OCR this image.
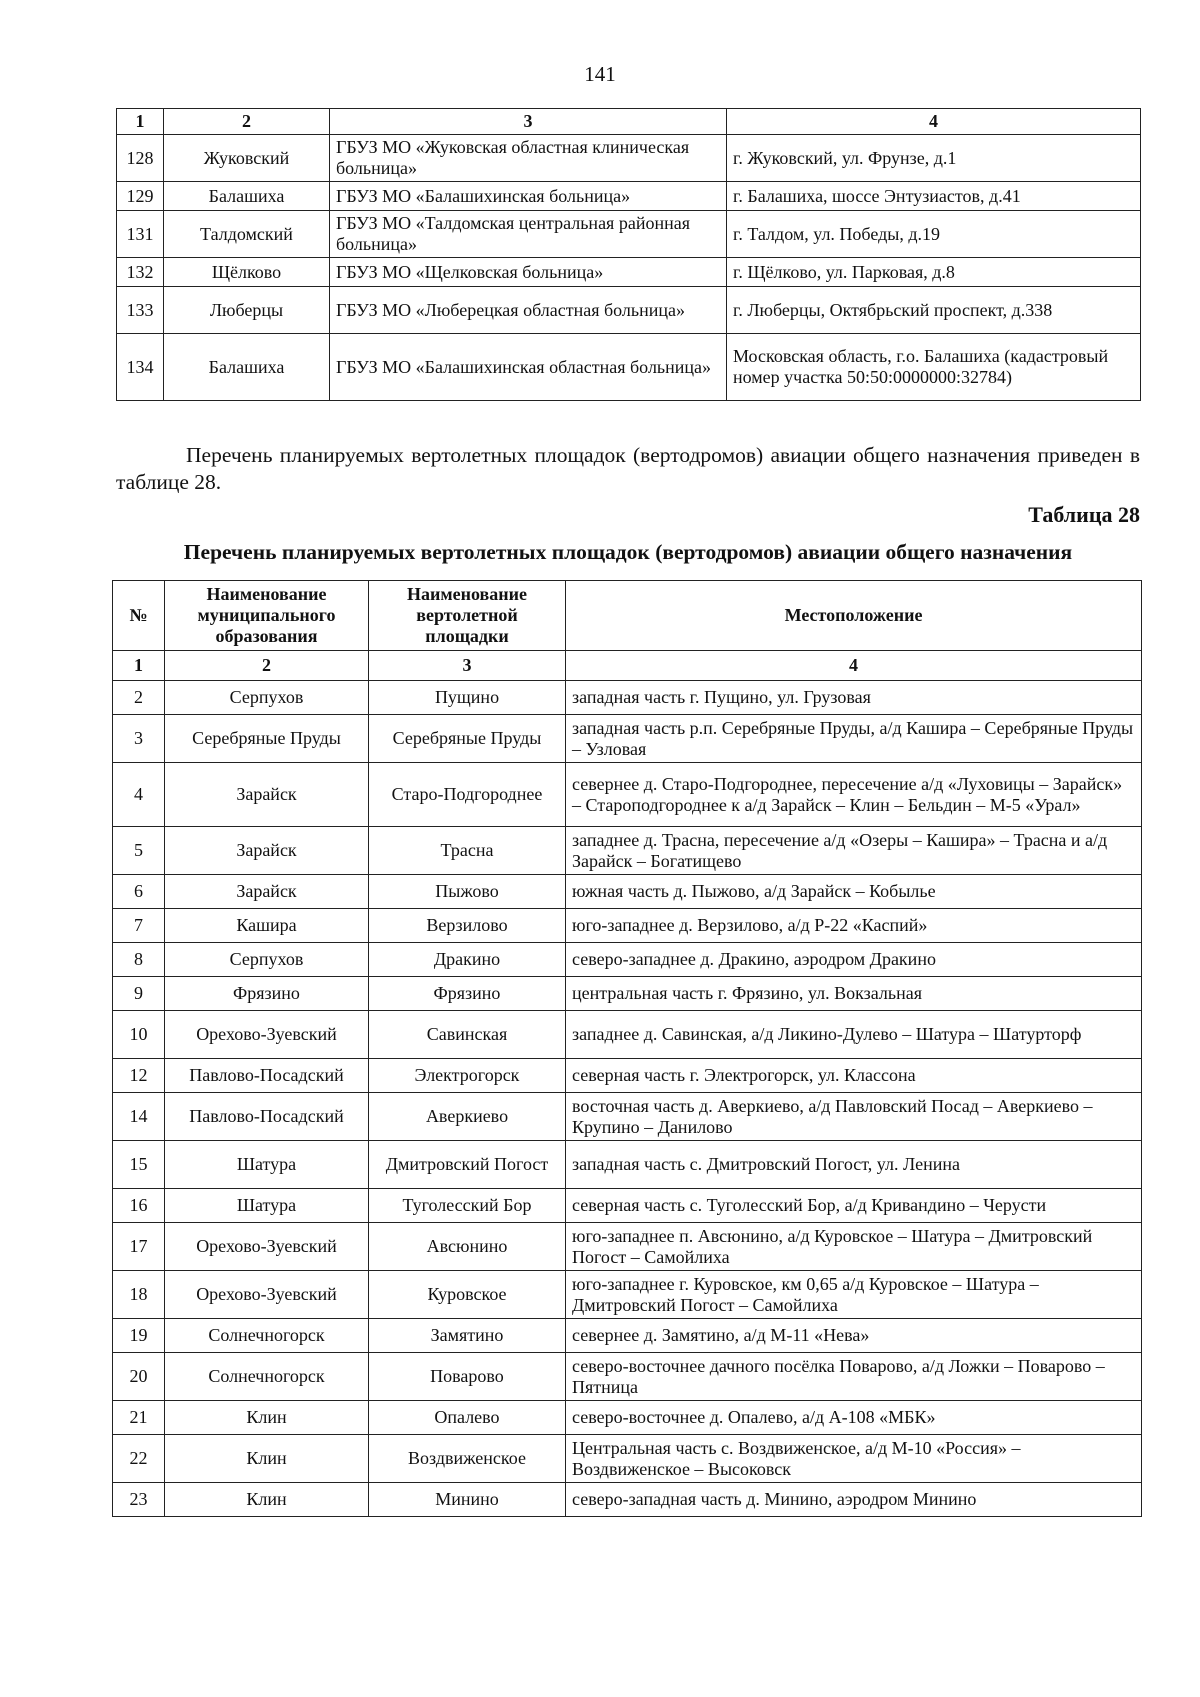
141
1	2	3	4
128	Жуковский	ГБУЗ МО «Жуковская областная клиническая больница»	г. Жуковский, ул. Фрунзе, д.1
129	Балашиха	ГБУЗ МО «Балашихинская больница»	г. Балашиха, шоссе Энтузиастов, д.41
131	Талдомский	ГБУЗ МО «Талдомская центральная районная больница»	г. Талдом, ул. Победы, д.19
132	Щёлково	ГБУЗ МО «Щелковская больница»	г. Щёлково, ул. Парковая, д.8
133	Люберцы	ГБУЗ МО «Люберецкая областная больница»	г. Люберцы, Октябрьский проспект, д.338
134	Балашиха	ГБУЗ МО «Балашихинская областная больница»	Московская область, г.о. Балашиха (кадастровый номер участка 50:50:0000000:32784)
Перечень планируемых вертолетных площадок (вертодромов) авиации общего назначения приведен в таблице 28.
Таблица 28
Перечень планируемых вертолетных площадок (вертодромов) авиации общего назначения
№	Наименование муниципального образования	Наименование вертолетной площадки	Местоположение
1	2	3	4
2	Серпухов	Пущино	западная часть г. Пущино, ул. Грузовая
3	Серебряные Пруды	Серебряные Пруды	западная часть р.п. Серебряные Пруды, а/д Кашира – Серебряные Пруды – Узловая
4	Зарайск	Старо-Подгороднее	севернее д. Старо-Подгороднее, пересечение а/д «Луховицы – Зарайск» – Староподгороднее к а/д Зарайск – Клин – Бельдин – М-5 «Урал»
5	Зарайск	Трасна	западнее д. Трасна, пересечение а/д «Озеры – Кашира» – Трасна и а/д Зарайск – Богатищево
6	Зарайск	Пыжово	южная часть д. Пыжово, а/д Зарайск – Кобылье
7	Кашира	Верзилово	юго-западнее д. Верзилово, а/д Р-22 «Каспий»
8	Серпухов	Дракино	северо-западнее д. Дракино, аэродром Дракино
9	Фрязино	Фрязино	центральная часть г. Фрязино, ул. Вокзальная
10	Орехово-Зуевский	Савинская	западнее д. Савинская, а/д Ликино-Дулево – Шатура – Шатурторф
12	Павлово-Посадский	Электрогорск	северная часть г. Электрогорск, ул. Классона
14	Павлово-Посадский	Аверкиево	восточная часть д. Аверкиево, а/д Павловский Посад – Аверкиево – Крупино – Данилово
15	Шатура	Дмитровский Погост	западная часть с. Дмитровский Погост, ул. Ленина
16	Шатура	Туголесский Бор	северная часть с. Туголесский Бор, а/д Кривандино – Черусти
17	Орехово-Зуевский	Авсюнино	юго-западнее п. Авсюнино, а/д Куровское – Шатура – Дмитровский Погост – Самойлиха
18	Орехово-Зуевский	Куровское	юго-западнее г. Куровское, км 0,65 а/д Куровское – Шатура – Дмитровский Погост – Самойлиха
19	Солнечногорск	Замятино	севернее д. Замятино, а/д М-11 «Нева»
20	Солнечногорск	Поварово	северо-восточнее дачного посёлка Поварово, а/д Ложки – Поварово – Пятница
21	Клин	Опалево	северо-восточнее д. Опалево, а/д А-108 «МБК»
22	Клин	Воздвиженское	Центральная часть с. Воздвиженское, а/д М-10 «Россия» – Воздвиженское – Высоковск
23	Клин	Минино	северо-западная часть д. Минино, аэродром Минино
